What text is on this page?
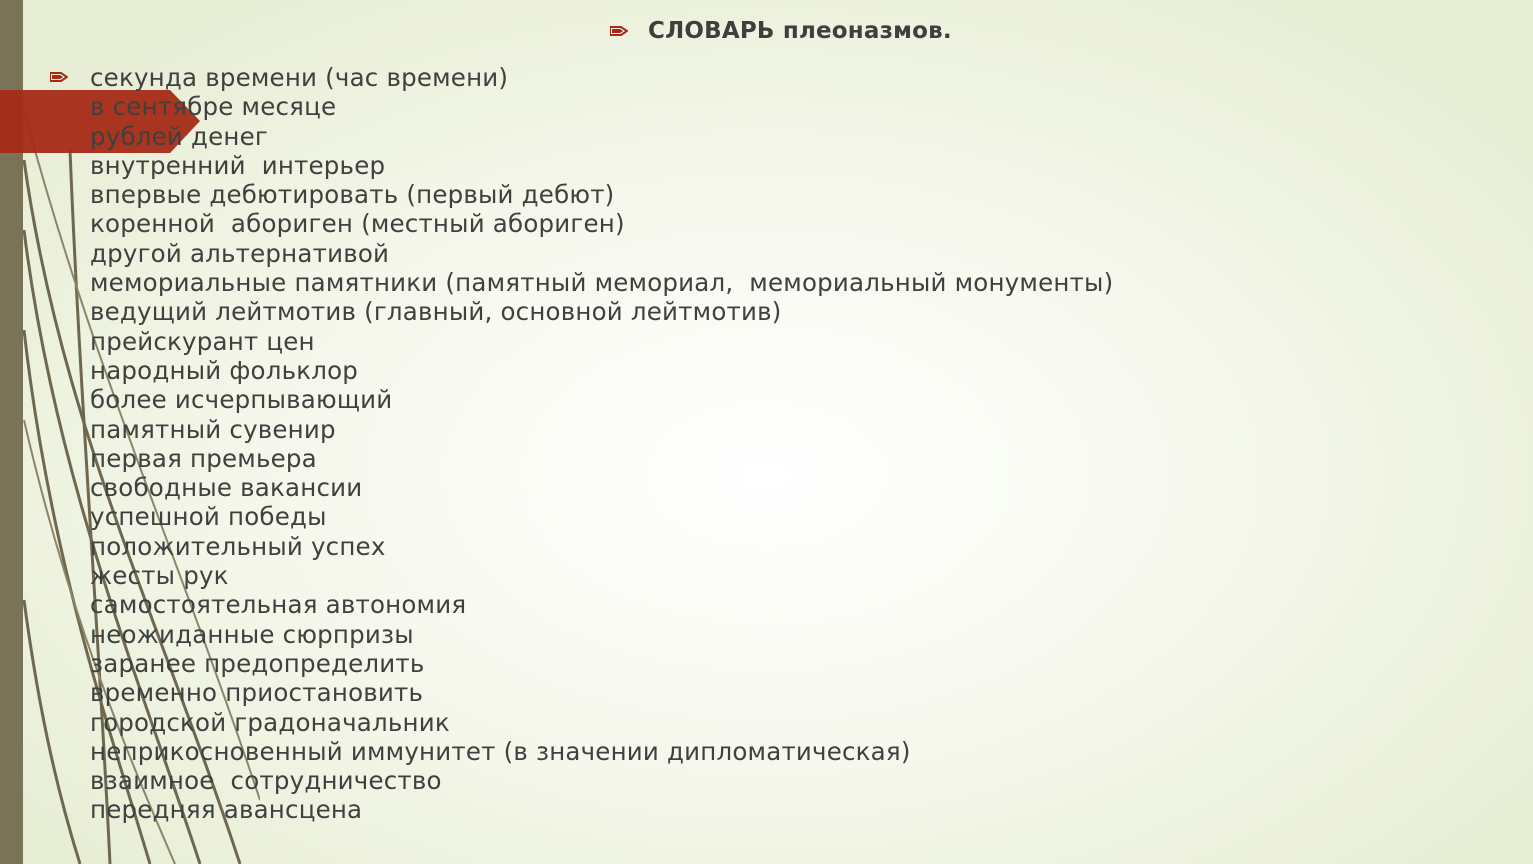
СЛОВАРЬ плеоназмов.
секунда времени (час времени)
в сентябре месяце
рублей денег
внутренний  интерьер
впервые дебютировать (первый дебют)
коренной  абориген (местный абориген)
другой альтернативой
мемориальные памятники (памятный мемориал,  мемориальный монументы)
ведущий лейтмотив (главный, основной лейтмотив)
прейскурант цен
народный фольклор
более исчерпывающий
памятный сувенир
первая премьера
свободные вакансии
успешной победы
положительный успех
жесты рук
самостоятельная автономия
неожиданные сюрпризы
заранее предопределить
временно приостановить
городской градоначальник
неприкосновенный иммунитет (в значении дипломатическая)
взаимное  сотрудничество
передняя авансцена
